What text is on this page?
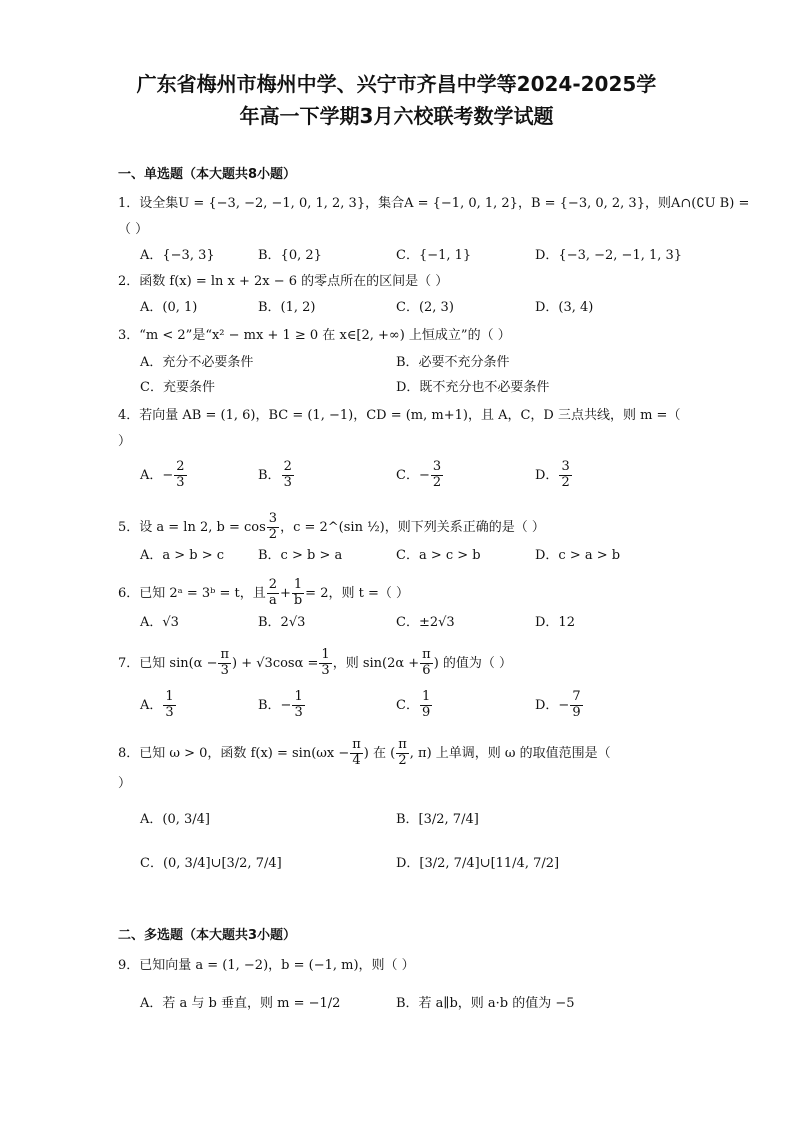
广东省梅州市梅州中学、兴宁市齐昌中学等2024-2025学
年高一下学期3月六校联考数学试题
一、单选题（本大题共8小题）
1．设全集U = {−3, −2, −1, 0, 1, 2, 3}，集合A = {−1, 0, 1, 2}，B = {−3, 0, 2, 3}，则A∩(∁U B) =
（ ）
A．{−3, 3}	B．{0, 2}	C．{−1, 1}	D．{−3, −2, −1, 1, 3}
2．函数 f(x) = ln x + 2x − 6 的零点所在的区间是（ ）
A．(0, 1)	B．(1, 2)	C．(2, 3)	D．(3, 4)
3．“m < 2”是“x² − mx + 1 ≥ 0 在 x∈[2, +∞) 上恒成立”的（ ）
A．充分不必要条件	B．必要不充分条件
C．充要条件	D．既不充分也不必要条件
4．若向量 AB = (1, 6)，BC = (1, −1)，CD = (m, m+1)，且 A，C，D 三点共线，则 m =（
）
A．− $\frac{2}{3}$	B． $\frac{2}{3}$	C．− $\frac{3}{2}$	D． $\frac{3}{2}$
5．设 a = ln 2, $b = \cos \frac{3}{2}$ ，c = 2^(sin ½)，则下列关系正确的是（ ）
A．a > b > c	B．c > b > a	C．a > c > b	D．c > a > b
6．已知 2ᵃ = 3ᵇ = t，且 $\frac{2}{a} + \frac{1}{b} = 2$，则 t =（ ）
A．√3	B．2√3	C．±2√3	D．12
7．已知 $\sin(\alpha - \frac{\pi}{3}$ ) + $√3\cos\alpha = \frac{1}{3}$ ，则 $\sin(2\alpha + \frac{\pi}{6}$ ) 的值为（ ）
A． $\frac{1}{3}$	B．− $\frac{1}{3}$	C． $\frac{1}{9}$	D．− $\frac{7}{9}$
8．已知 ω > 0，函数 $f(x) = \sin(\omega x - \frac{\pi}{4}$ ) 在 ( $\frac{\pi}{2}$ , π) 上单调，则 ω 的取值范围是（
）
A．(0, 3/4]	B．[3/2, 7/4]
C．(0, 3/4]∪[3/2, 7/4]	D．[3/2, 7/4]∪[11/4, 7/2]
二、多选题（本大题共3小题）
9．已知向量 a = (1, −2)，b = (−1, m)，则（ ）
A．若 a 与 b 垂直，则 m = −1/2	B．若 a∥b，则 a·b 的值为 −5
